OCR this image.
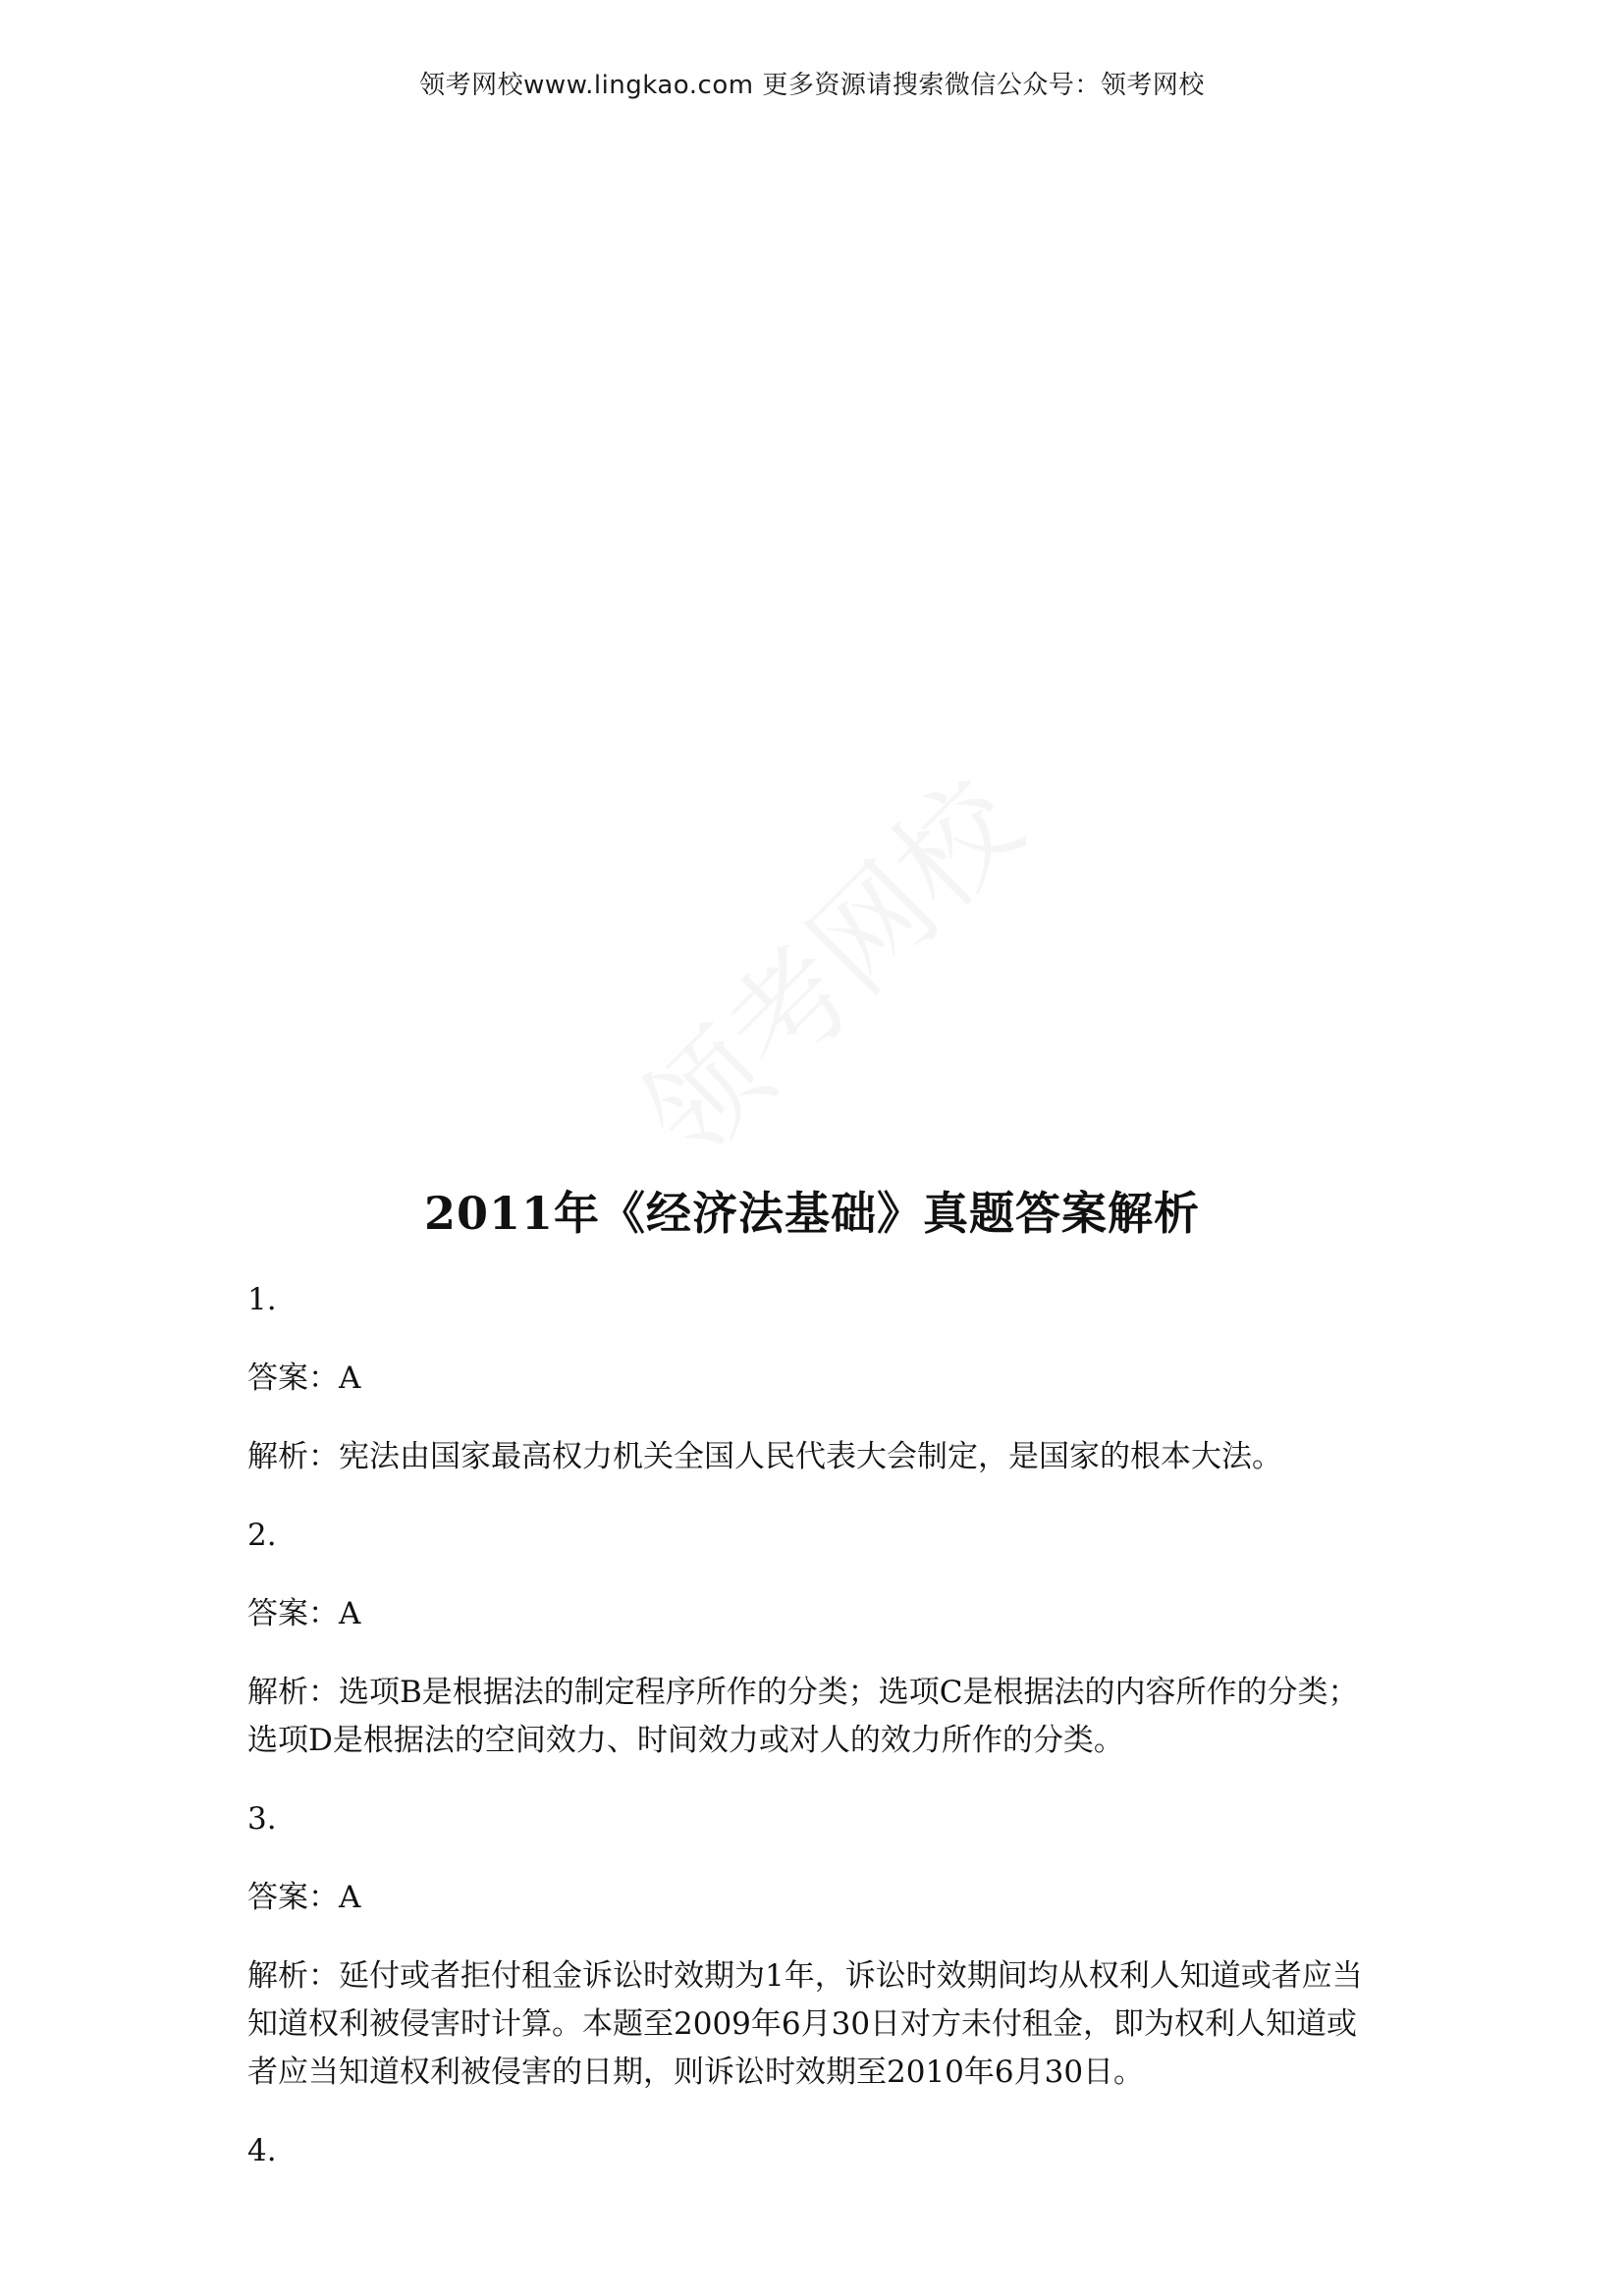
领考网校www.lingkao.com 更多资源请搜索微信公众号：领考网校
2011年《经济法基础》真题答案解析

1.

答案：A

解析：宪法由国家最高权力机关全国人民代表大会制定，是国家的根本大法。

2.

答案：A

解析：选项B是根据法的制定程序所作的分类；选项C是根据法的内容所作的分类；选项D是根据法的空间效力、时间效力或对人的效力所作的分类。

3.

答案：A

解析：延付或者拒付租金诉讼时效期为1年，诉讼时效期间均从权利人知道或者应当知道权利被侵害时计算。本题至2009年6月30日对方未付租金，即为权利人知道或者应当知道权利被侵害的日期，则诉讼时效期至2010年6月30日。

4.
